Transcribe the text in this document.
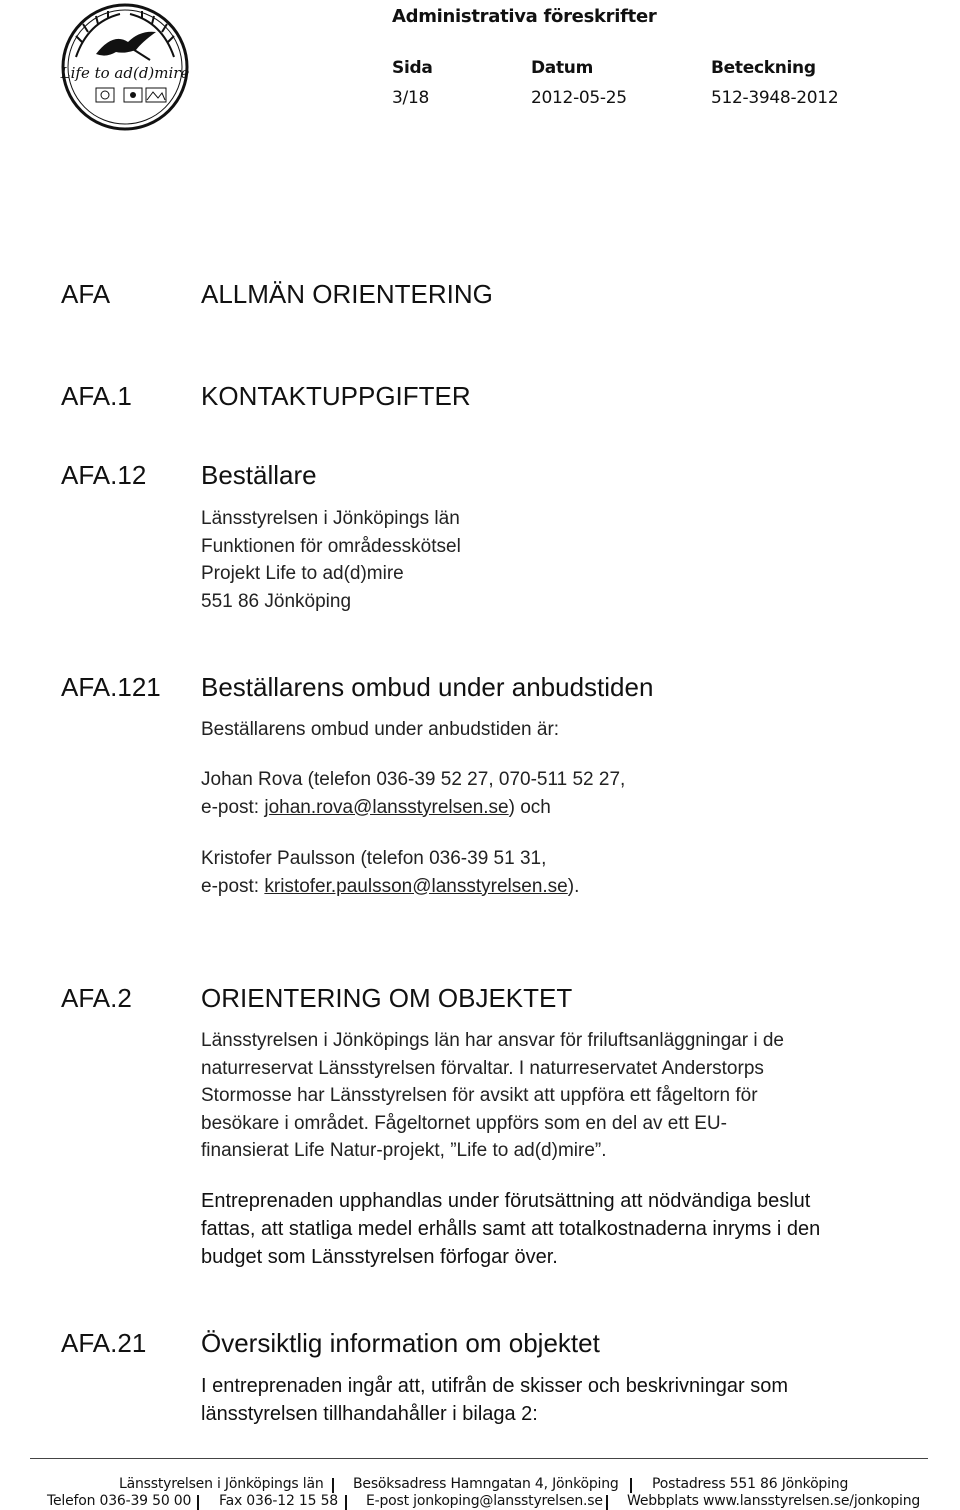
Life to ad(d)mire
Administrativa föreskrifter
Sida	Datum	Beteckning
3/18	2012-05-25	512-3948-2012
AFA	ALLMÄN ORIENTERING
AFA.1	KONTAKTUPPGIFTER
AFA.12 Beställare
Länsstyrelsen i Jönköpings län
Funktionen för områdesskötsel
Projekt Life to ad(d)mire
551 86 Jönköping
AFA.121 Beställarens ombud under anbudstiden
Beställarens ombud under anbudstiden är:
Johan Rova (telefon 036-39 52 27, 070-511 52 27,
e-post: johan.rova@lansstyrelsen.se) och
Kristofer Paulsson (telefon 036-39 51 31,
e-post: kristofer.paulsson@lansstyrelsen.se).
AFA.2	ORIENTERING OM OBJEKTET
Länsstyrelsen i Jönköpings län har ansvar för friluftsanläggningar i de
naturreservat Länsstyrelsen förvaltar. I naturreservatet Anderstorps
Stormosse har Länsstyrelsen för avsikt att uppföra ett fågeltorn för
besökare i området. Fågeltornet uppförs som en del av ett EU-
finansierat Life Natur-projekt, ”Life to ad(d)mire”.
Entreprenaden upphandlas under förutsättning att nödvändiga beslut
fattas, att statliga medel erhålls samt att totalkostnaderna inryms i den
budget som Länsstyrelsen förfogar över.
AFA.21 Översiktlig information om objektet
I entreprenaden ingår att, utifrån de skisser och beskrivningar som
länsstyrelsen tillhandahåller i bilaga 2:
Länsstyrelsen i Jönköpings län Besöksadress Hamngatan 4, Jönköping Postadress 551 86 Jönköping
Telefon 036-39 50 00 Fax 036-12 15 58 E-post jonkoping@lansstyrelsen.se Webbplats www.lansstyrelsen.se/jonkoping
